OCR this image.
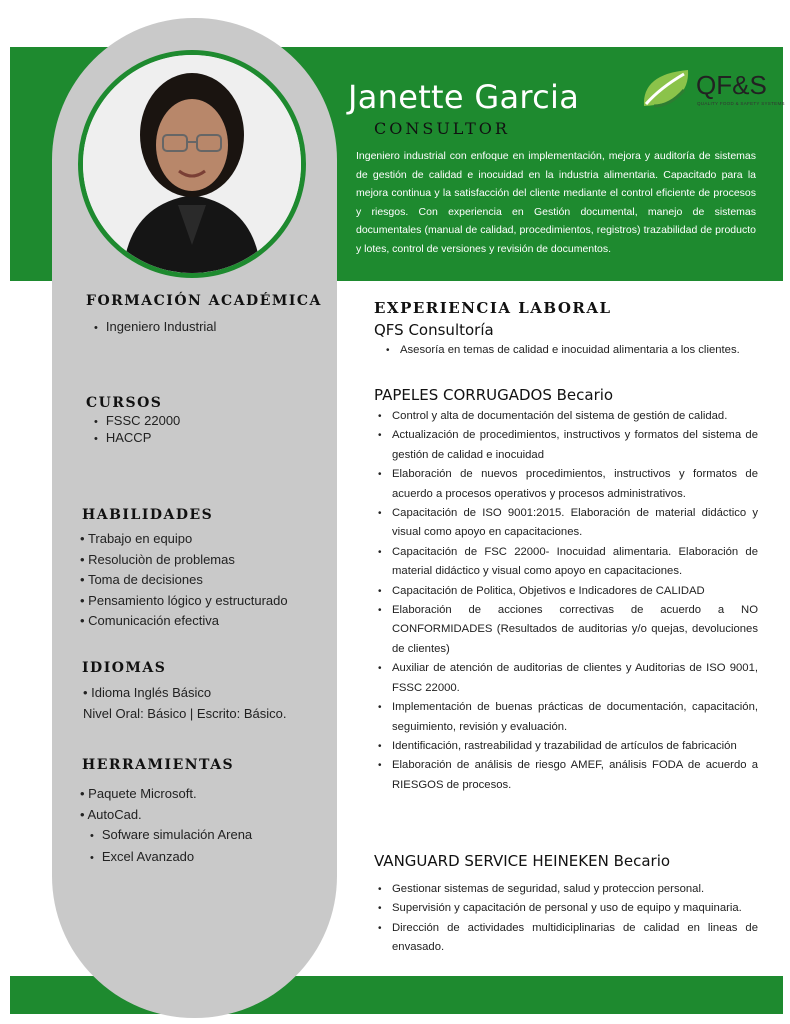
Janette Garcia
CONSULTOR
Ingeniero industrial con enfoque en implementación, mejora y auditoría de sistemas de gestión de calidad e inocuidad en la industria alimentaria. Capacitado para la mejora continua y la satisfacción del cliente mediante el control eficiente de procesos y riesgos. Con experiencia en Gestión documental, manejo de sistemas documentales (manual de calidad, procedimientos, registros) trazabilidad de producto y lotes, control de versiones y revisión de documentos.
QF&S
QUALITY FOOD & SAFETY SYSTEMS
FORMACIÓN ACADÉMICA
• Ingeniero Industrial
CURSOS
• FSSC 22000
• HACCP
HABILIDADES
• Trabajo en equipo
• Resoluciòn de problemas
• Toma de decisiones
• Pensamiento lógico y estructurado
• Comunicación efectiva
IDIOMAS
• Idioma Inglés Básico
Nivel Oral: Básico | Escrito: Básico.
HERRAMIENTAS
• Paquete Microsoft.
• AutoCad.
• Sofware simulación Arena
• Excel Avanzado
EXPERIENCIA LABORAL
QFS Consultoría
• Asesoría en temas de calidad e inocuidad alimentaria a los clientes.
PAPELES CORRUGADOS Becario
• Control y alta de documentación del sistema de gestión de calidad.
• Actualización de procedimientos, instructivos y formatos del sistema de gestión de calidad e inocuidad
• Elaboración de nuevos procedimientos, instructivos y formatos de acuerdo a procesos operativos y procesos administrativos.
• Capacitación de ISO 9001:2015. Elaboración de material didáctico y visual como apoyo en capacitaciones.
• Capacitación de FSC 22000- Inocuidad alimentaria. Elaboración de material didáctico y visual como apoyo en capacitaciones.
• Capacitación de Politica, Objetivos e Indicadores de CALIDAD
• Elaboración de acciones correctivas de acuerdo a NO CONFORMIDADES (Resultados de auditorias y/o quejas, devoluciones de clientes)
• Auxiliar de atención de auditorias de clientes y Auditorias de ISO 9001, FSSC 22000.
• Implementación de buenas prácticas de documentación, capacitación, seguimiento, revisión y evaluación.
• Identificación, rastreabilidad y trazabilidad de artículos de fabricación
• Elaboración de análisis de riesgo AMEF, análisis FODA de acuerdo a RIESGOS de procesos.
VANGUARD SERVICE HEINEKEN Becario
• Gestionar sistemas de seguridad, salud y proteccion personal.
• Supervisión y capacitación de personal y uso de equipo y maquinaria.
• Dirección de actividades multidiciplinarias de calidad en lineas de envasado.
